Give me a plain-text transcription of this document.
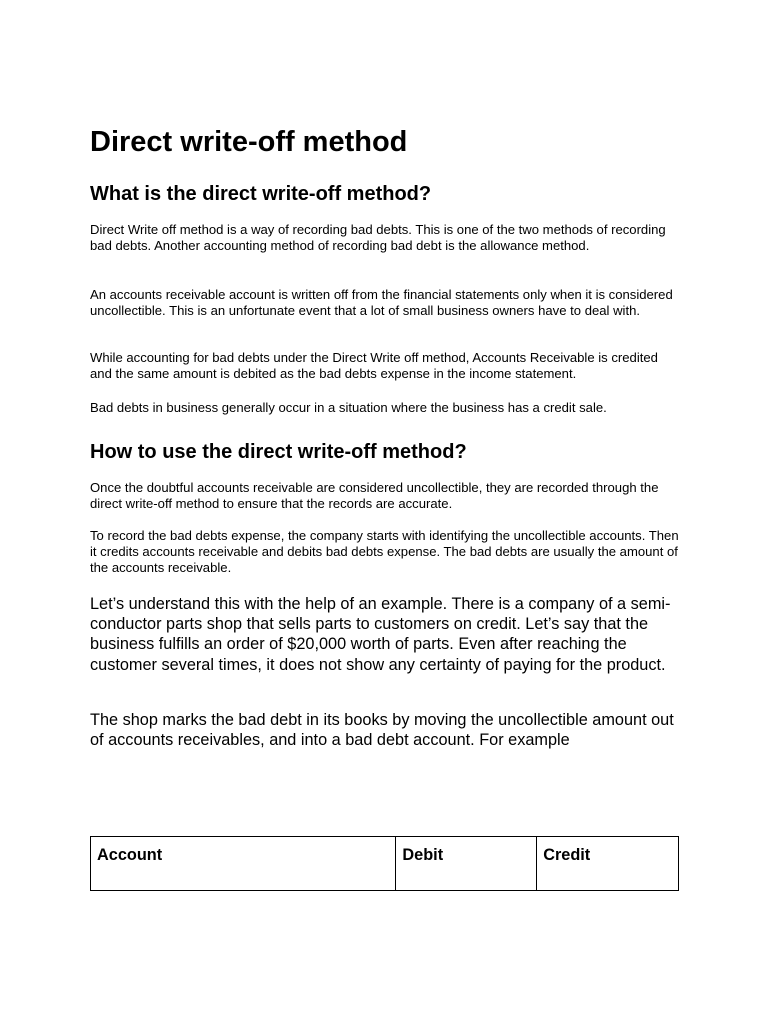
Direct write-off method
What is the direct write-off method?

Direct Write off method is a way of recording bad debts. This is one of the two methods of recording bad debts. Another accounting method of recording bad debt is the allowance method.

An accounts receivable account is written off from the financial statements only when it is considered uncollectible. This is an unfortunate event that a lot of small business owners have to deal with.

While accounting for bad debts under the Direct Write off method, Accounts Receivable is credited and the same amount is debited as the bad debts expense in the income statement.

Bad debts in business generally occur in a situation where the business has a credit sale.

How to use the direct write-off method?

Once the doubtful accounts receivable are considered uncollectible, they are recorded through the direct write-off method to ensure that the records are accurate.

To record the bad debts expense, the company starts with identifying the uncollectible accounts. Then it credits accounts receivable and debits bad debts expense. The bad debts are usually the amount of the accounts receivable.

Let’s understand this with the help of an example. There is a company of a semi-conductor parts shop that sells parts to customers on credit. Let’s say that the business fulfills an order of $20,000 worth of parts. Even after reaching the customer several times, it does not show any certainty of paying for the product.

The shop marks the bad debt in its books by moving the uncollectible amount out of accounts receivables, and into a bad debt account. For example

Account	Debit	Credit
